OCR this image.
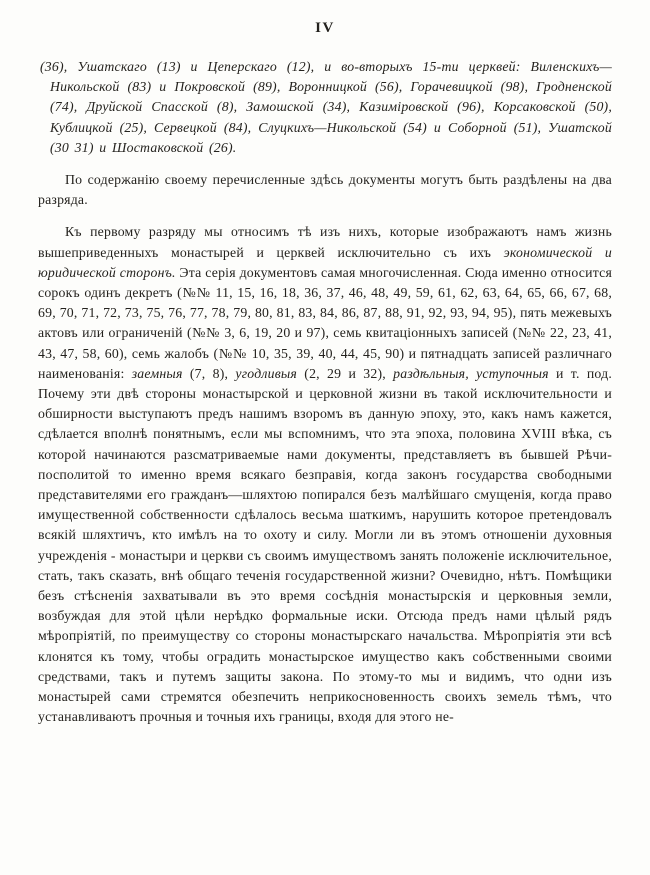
IV

(36), Ушатскаго (13) и Цеперскаго (12), и во-вторыхъ 15-ти церквей: Виленскихъ—Никольской (83) и Покровской (89), Воронницкой (56), Горачевицкой (98), Гродненской (74), Друйской Спасской (8), Замошской (34), Казиміровской (96), Корсаковской (50), Кублицкой (25), Сервецкой (84), Слуцкихъ—Никольской (54) и Соборной (51), Ушатской (30 31) и Шостаковской (26).

По содержанію своему перечисленные здѣсь документы могутъ быть раздѣлены на два разряда.

Къ первому разряду мы относимъ тѣ изъ нихъ, которые изображаютъ намъ жизнь вышеприведенныхъ монастырей и церквей исключительно съ ихъ экономической и юридической сторонъ. Эта серія документовъ самая многочисленная. Сюда именно относится сорокъ одинъ декретъ (№№ 11, 15, 16, 18, 36, 37, 46, 48, 49, 59, 61, 62, 63, 64, 65, 66, 67, 68, 69, 70, 71, 72, 73, 75, 76, 77, 78, 79, 80, 81, 83, 84, 86, 87, 88, 91, 92, 93, 94, 95), пять межевыхъ актовъ или ограниченій (№№ 3, 6, 19, 20 и 97), семь квитаціонныхъ записей (№№ 22, 23, 41, 43, 47, 58, 60), семь жалобъ (№№ 10, 35, 39, 40, 44, 45, 90) и пятнадцать записей различнаго наименованія: заемныя (7, 8), угодливыя (2, 29 и 32), раздѣльныя, уступочныя и т. под. Почему эти двѣ стороны монастырской и церковной жизни въ такой исключительности и обширности выступаютъ предъ нашимъ взоромъ въ данную эпоху, это, какъ намъ кажется, сдѣлается вполнѣ понятнымъ, если мы вспомнимъ, что эта эпоха, половина XVIII вѣка, съ которой начинаются разсматриваемые нами документы, представляетъ въ бывшей Рѣчи-посполитой то именно время всякаго безправія, когда законъ государства свободными представителями его гражданъ—шляхтою попирался безъ малѣйшаго смущенія, когда право имущественной собственности сдѣлалось весьма шаткимъ, нарушить которое претендовалъ всякій шляхтичъ, кто имѣлъ на то охоту и силу. Могли ли въ этомъ отношеніи духовныя учрежденія - монастыри и церкви съ своимъ имуществомъ занять положеніе исключительное, стать, такъ сказать, внѣ общаго теченія государственной жизни? Очевидно, нѣтъ. Помѣщики безъ стѣсненія захватывали въ это время сосѣднія монастырскія и церковныя земли, возбуждая для этой цѣли нерѣдко формальные иски. Отсюда предъ нами цѣлый рядъ мѣропріятій, по преимуществу со стороны монастырскаго начальства. Мѣропріятія эти всѣ клонятся къ тому, чтобы оградить монастырское имущество какъ собственными своими средствами, такъ и путемъ защиты закона. По этому-то мы и видимъ, что одни изъ монастырей сами стремятся обезпечить неприкосновенность своихъ земель тѣмъ, что устанавливаютъ прочныя и точныя ихъ границы, входя для этого не-
